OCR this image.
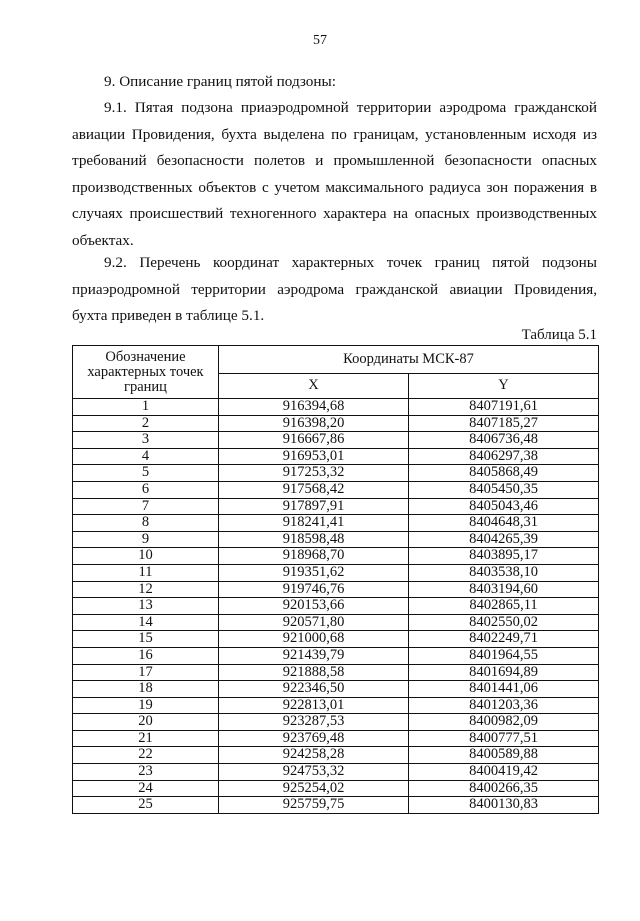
57

9. Описание границ пятой подзоны:

9.1. Пятая подзона приаэродромной территории аэродрома гражданской авиации Провидения, бухта выделена по границам, установленным исходя из требований безопасности полетов и промышленной безопасности опасных производственных объектов с учетом максимального радиуса зон поражения в случаях происшествий техногенного характера на опасных производственных объектах.

9.2. Перечень координат характерных точек границ пятой подзоны приаэродромной территории аэродрома гражданской авиации Провидения, бухта приведен в таблице 5.1.

Таблица 5.1
Обозначение характерных точек границ	Координаты МСК-87	
	X	Y
1	916394,68	8407191,61
2	916398,20	8407185,27
3	916667,86	8406736,48
4	916953,01	8406297,38
5	917253,32	8405868,49
6	917568,42	8405450,35
7	917897,91	8405043,46
8	918241,41	8404648,31
9	918598,48	8404265,39
10	918968,70	8403895,17
11	919351,62	8403538,10
12	919746,76	8403194,60
13	920153,66	8402865,11
14	920571,80	8402550,02
15	921000,68	8402249,71
16	921439,79	8401964,55
17	921888,58	8401694,89
18	922346,50	8401441,06
19	922813,01	8401203,36
20	923287,53	8400982,09
21	923769,48	8400777,51
22	924258,28	8400589,88
23	924753,32	8400419,42
24	925254,02	8400266,35
25	925759,75	8400130,83
